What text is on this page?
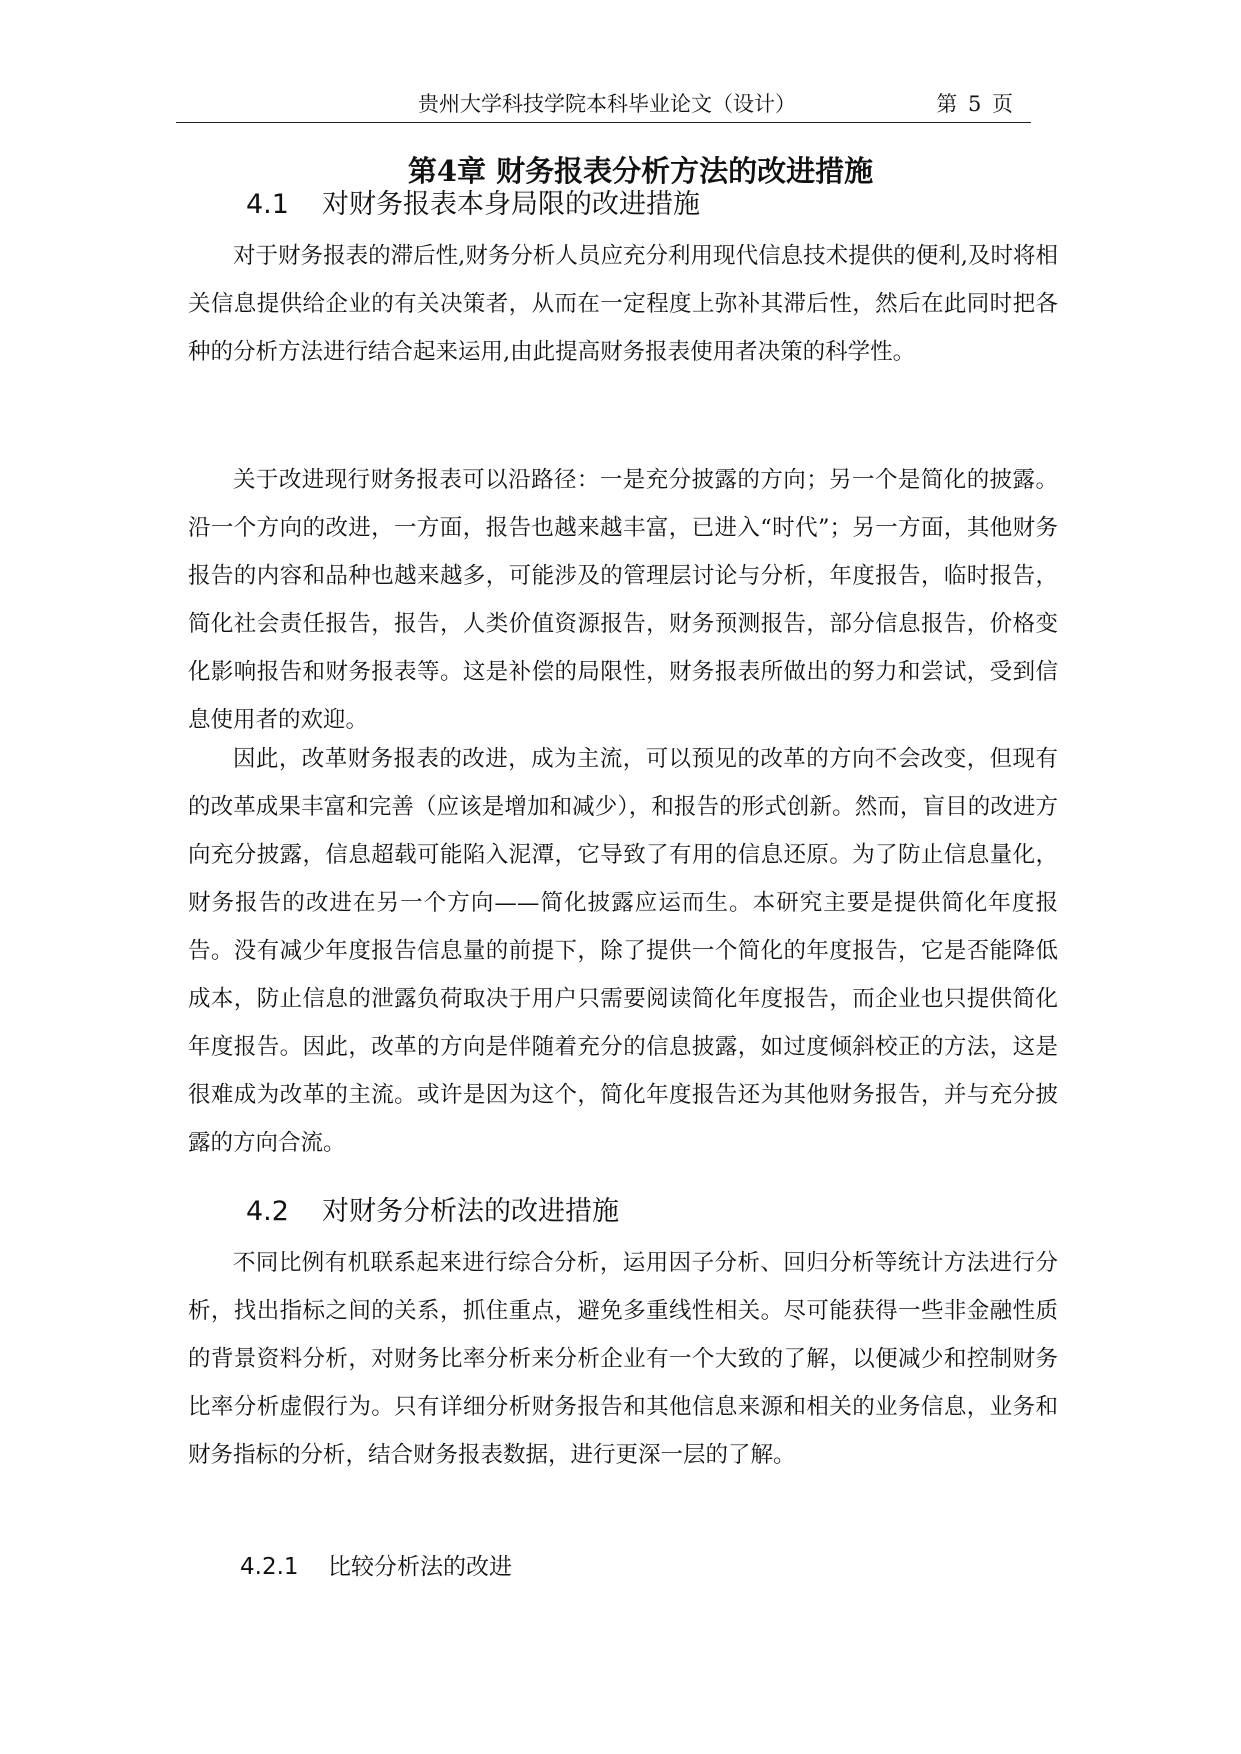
贵州大学科技学院本科毕业论文（设计）	第 5 页
第4章 财务报表分析方法的改进措施
4.1 对财务报表本身局限的改进措施

对于财务报表的滞后性,财务分析人员应充分利用现代信息技术提供的便利,及时将相关信息提供给企业的有关决策者，从而在一定程度上弥补其滞后性，然后在此同时把各种的分析方法进行结合起来运用,由此提高财务报表使用者决策的科学性。

关于改进现行财务报表可以沿路径：一是充分披露的方向；另一个是简化的披露。沿一个方向的改进，一方面，报告也越来越丰富，已进入“时代”；另一方面，其他财务报告的内容和品种也越来越多，可能涉及的管理层讨论与分析，年度报告，临时报告，简化社会责任报告，报告，人类价值资源报告，财务预测报告，部分信息报告，价格变化影响报告和财务报表等。这是补偿的局限性，财务报表所做出的努力和尝试，受到信息使用者的欢迎。

因此，改革财务报表的改进，成为主流，可以预见的改革的方向不会改变，但现有的改革成果丰富和完善（应该是增加和减少），和报告的形式创新。然而，盲目的改进方向充分披露，信息超载可能陷入泥潭，它导致了有用的信息还原。为了防止信息量化，财务报告的改进在另一个方向——简化披露应运而生。本研究主要是提供简化年度报告。没有减少年度报告信息量的前提下，除了提供一个简化的年度报告，它是否能降低成本，防止信息的泄露负荷取决于用户只需要阅读简化年度报告，而企业也只提供简化年度报告。因此，改革的方向是伴随着充分的信息披露，如过度倾斜校正的方法，这是很难成为改革的主流。或许是因为这个，简化年度报告还为其他财务报告，并与充分披露的方向合流。

4.2 对财务分析法的改进措施

不同比例有机联系起来进行综合分析，运用因子分析、回归分析等统计方法进行分析，找出指标之间的关系，抓住重点，避免多重线性相关。尽可能获得一些非金融性质的背景资料分析，对财务比率分析来分析企业有一个大致的了解，以便减少和控制财务比率分析虚假行为。只有详细分析财务报告和其他信息来源和相关的业务信息，业务和财务指标的分析，结合财务报表数据，进行更深一层的了解。

4.2.1 比较分析法的改进
